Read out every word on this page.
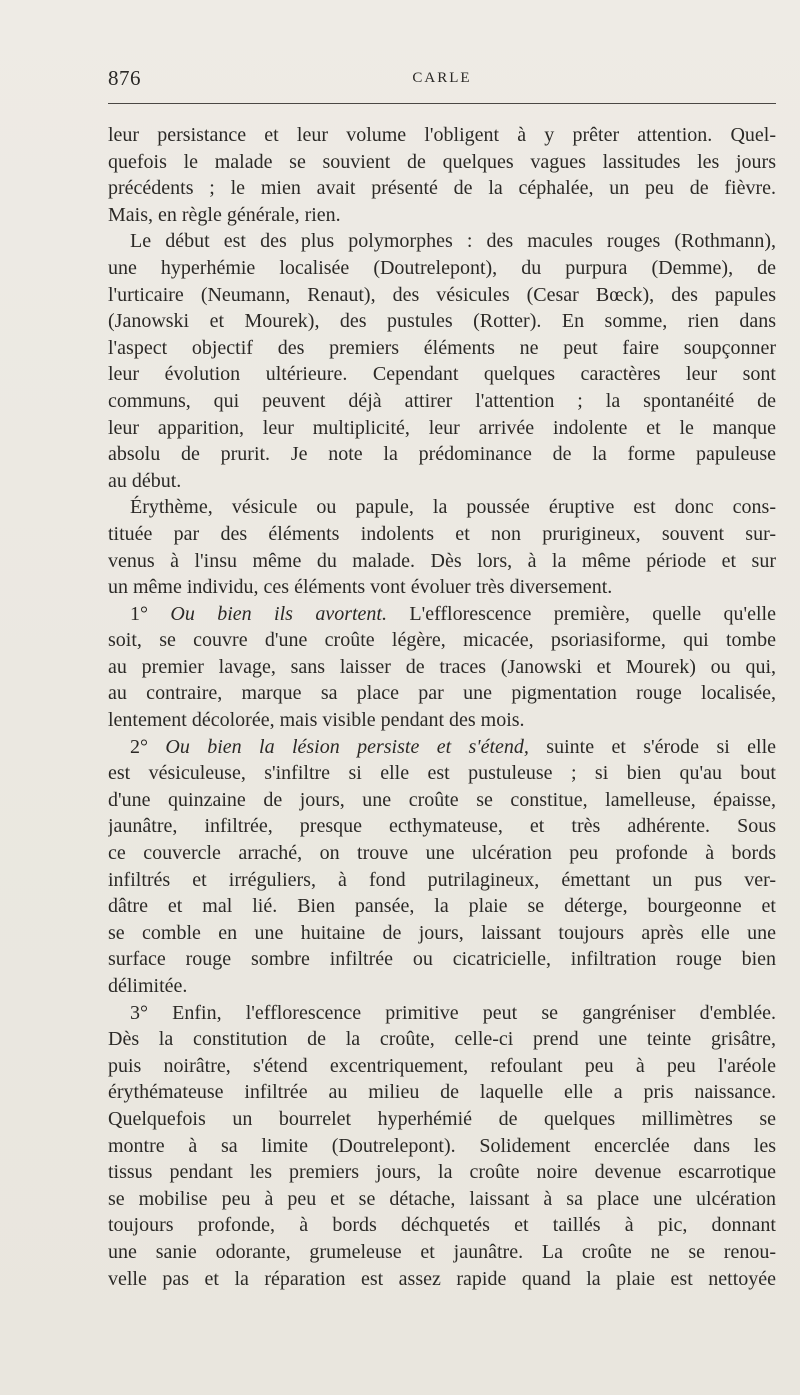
876	CARLE
leur persistance et leur volume l'obligent à y prêter attention. Quel-
quefois le malade se souvient de quelques vagues lassitudes les jours
précédents ; le mien avait présenté de la céphalée, un peu de fièvre.
Mais, en règle générale, rien.
Le début est des plus polymorphes : des macules rouges (Rothmann),
une hyperhémie localisée (Doutrelepont), du purpura (Demme), de
l'urticaire (Neumann, Renaut), des vésicules (Cesar Bœck), des papules
(Janowski et Mourek), des pustules (Rotter). En somme, rien dans
l'aspect objectif des premiers éléments ne peut faire soupçonner
leur évolution ultérieure. Cependant quelques caractères leur sont
communs, qui peuvent déjà attirer l'attention ; la spontanéité de
leur apparition, leur multiplicité, leur arrivée indolente et le manque
absolu de prurit. Je note la prédominance de la forme papuleuse
au début.
Érythème, vésicule ou papule, la poussée éruptive est donc cons-
tituée par des éléments indolents et non prurigineux, souvent sur-
venus à l'insu même du malade. Dès lors, à la même période et sur
un même individu, ces éléments vont évoluer très diversement.
1° Ou bien ils avortent. L'efflorescence première, quelle qu'elle
soit, se couvre d'une croûte légère, micacée, psoriasiforme, qui tombe
au premier lavage, sans laisser de traces (Janowski et Mourek) ou qui,
au contraire, marque sa place par une pigmentation rouge localisée,
lentement décolorée, mais visible pendant des mois.
2° Ou bien la lésion persiste et s'étend, suinte et s'érode si elle
est vésiculeuse, s'infiltre si elle est pustuleuse ; si bien qu'au bout
d'une quinzaine de jours, une croûte se constitue, lamelleuse, épaisse,
jaunâtre, infiltrée, presque ecthymateuse, et très adhérente. Sous
ce couvercle arraché, on trouve une ulcération peu profonde à bords
infiltrés et irréguliers, à fond putrilagineux, émettant un pus ver-
dâtre et mal lié. Bien pansée, la plaie se déterge, bourgeonne et
se comble en une huitaine de jours, laissant toujours après elle une
surface rouge sombre infiltrée ou cicatricielle, infiltration rouge bien
délimitée.
3° Enfin, l'efflorescence primitive peut se gangréniser d'emblée.
Dès la constitution de la croûte, celle-ci prend une teinte grisâtre,
puis noirâtre, s'étend excentriquement, refoulant peu à peu l'aréole
érythémateuse infiltrée au milieu de laquelle elle a pris naissance.
Quelquefois un bourrelet hyperhémié de quelques millimètres se
montre à sa limite (Doutrelepont). Solidement encerclée dans les
tissus pendant les premiers jours, la croûte noire devenue escarrotique
se mobilise peu à peu et se détache, laissant à sa place une ulcération
toujours profonde, à bords déchquetés et taillés à pic, donnant
une sanie odorante, grumeleuse et jaunâtre. La croûte ne se renou-
velle pas et la réparation est assez rapide quand la plaie est nettoyée
